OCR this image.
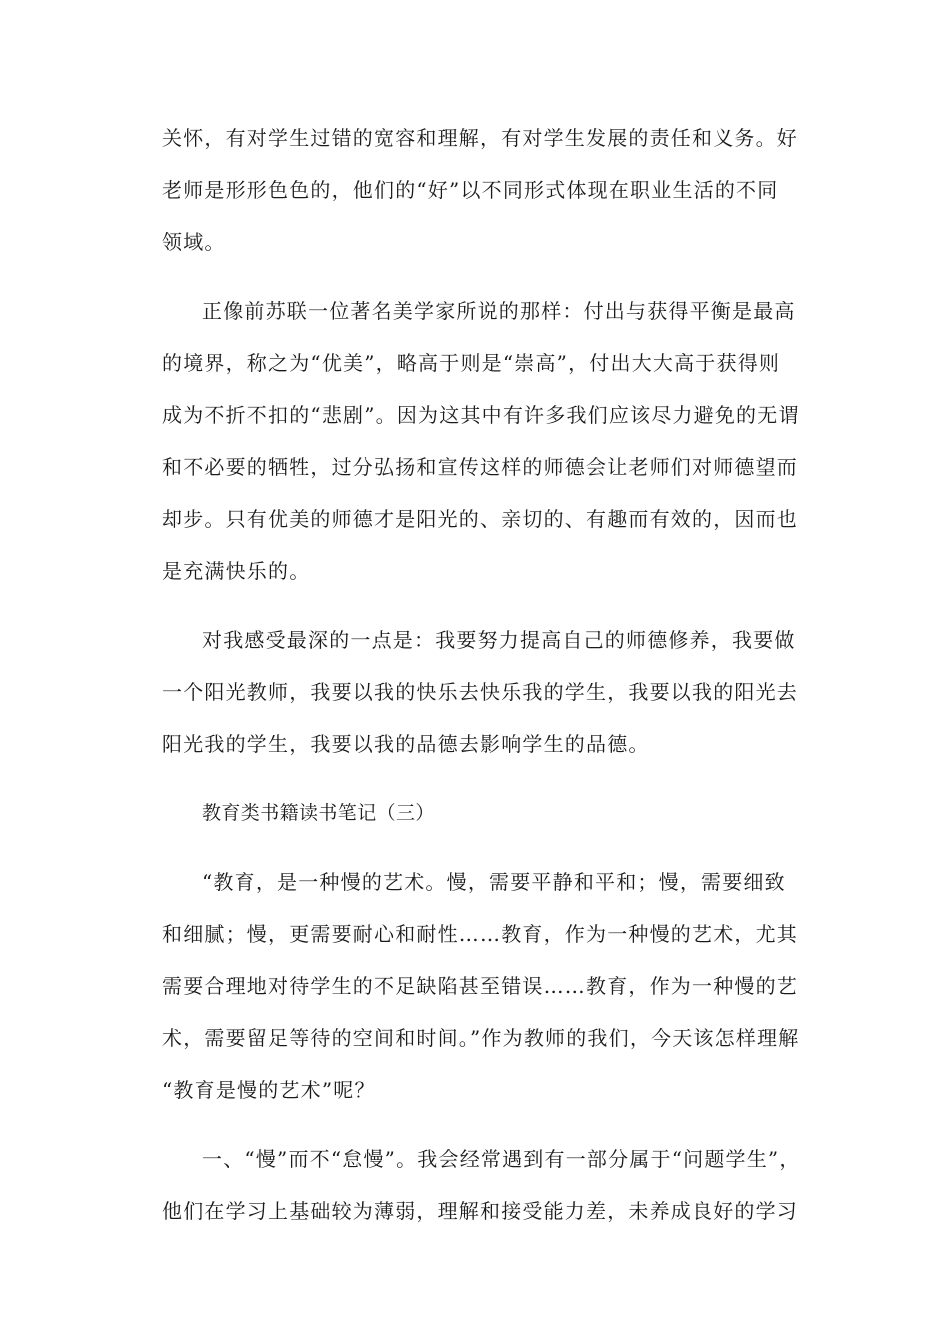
关怀，有对学生过错的宽容和理解，有对学生发展的责任和义务。好
老师是形形色色的，他们的“好”以不同形式体现在职业生活的不同
领域。
正像前苏联一位著名美学家所说的那样：付出与获得平衡是最高
的境界，称之为“优美”，略高于则是“崇高”，付出大大高于获得则
成为不折不扣的“悲剧”。因为这其中有许多我们应该尽力避免的无谓
和不必要的牺牲，过分弘扬和宣传这样的师德会让老师们对师德望而
却步。只有优美的师德才是阳光的、亲切的、有趣而有效的，因而也
是充满快乐的。
对我感受最深的一点是：我要努力提高自己的师德修养，我要做
一个阳光教师，我要以我的快乐去快乐我的学生，我要以我的阳光去
阳光我的学生，我要以我的品德去影响学生的品德。
教育类书籍读书笔记（三）
“教育，是一种慢的艺术。慢，需要平静和平和；慢，需要细致
和细腻；慢，更需要耐心和耐性……教育，作为一种慢的艺术，尤其
需要合理地对待学生的不足缺陷甚至错误……教育，作为一种慢的艺
术，需要留足等待的空间和时间。”作为教师的我们，今天该怎样理解
“教育是慢的艺术”呢？
一、“慢”而不“怠慢”。我会经常遇到有一部分属于“问题学生”，
他们在学习上基础较为薄弱，理解和接受能力差，未养成良好的学习
